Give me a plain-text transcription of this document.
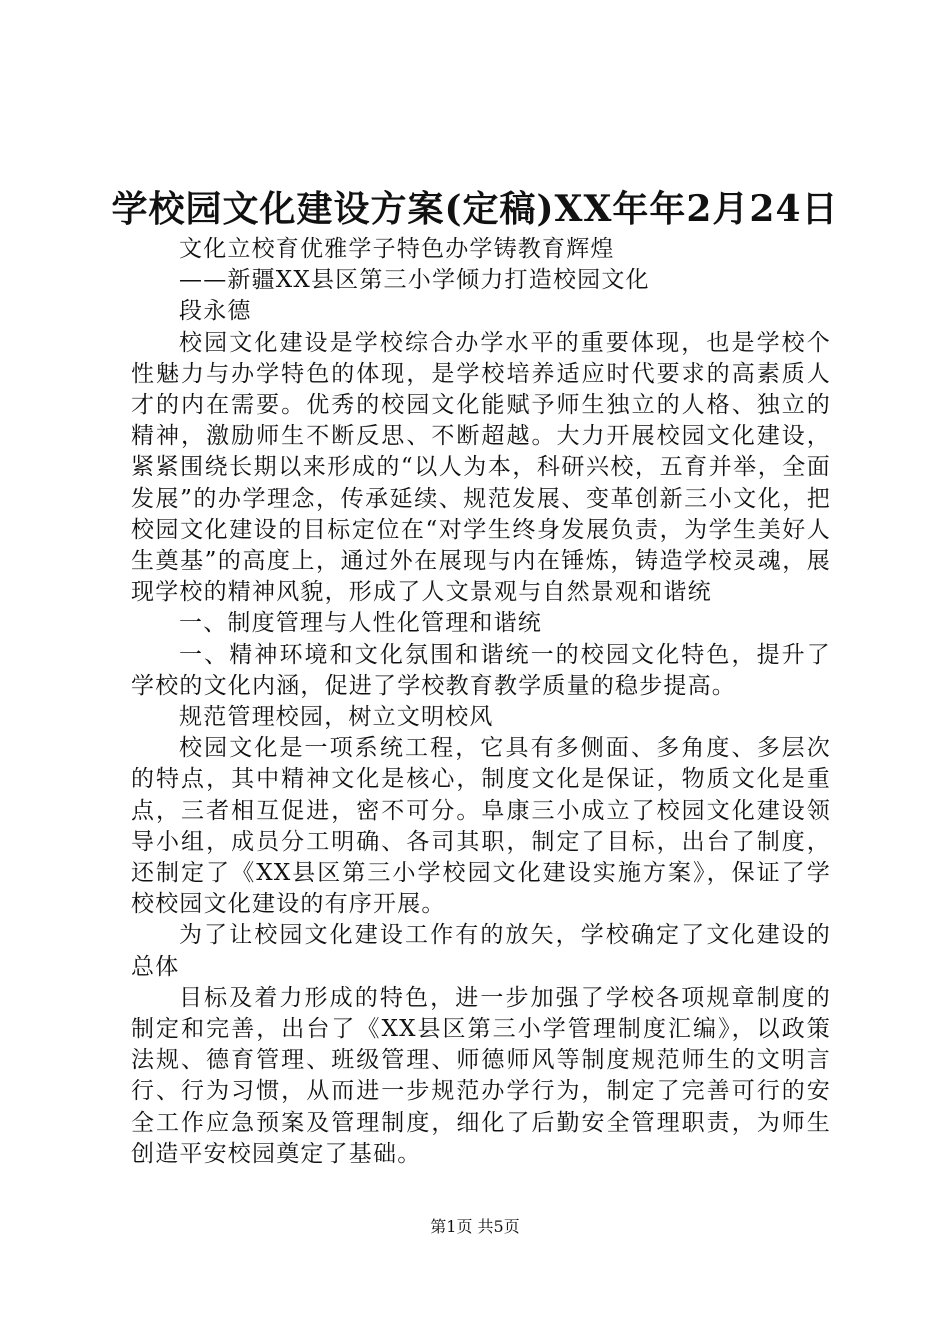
学校园文化建设方案(定稿)XX年年2月24日

文化立校育优雅学子特色办学铸教育辉煌

——新疆XX县区第三小学倾力打造校园文化

段永德

校园文化建设是学校综合办学水平的重要体现，也是学校个性魅力与办学特色的体现，是学校培养适应时代要求的高素质人才的内在需要。优秀的校园文化能赋予师生独立的人格、独立的精神，激励师生不断反思、不断超越。大力开展校园文化建设，紧紧围绕长期以来形成的“以人为本，科研兴校，五育并举，全面发展”的办学理念，传承延续、规范发展、变革创新三小文化，把校园文化建设的目标定位在“对学生终身发展负责，为学生美好人生奠基”的高度上，通过外在展现与内在锤炼，铸造学校灵魂，展现学校的精神风貌，形成了人文景观与自然景观和谐统

一、制度管理与人性化管理和谐统

一、精神环境和文化氛围和谐统一的校园文化特色，提升了学校的文化内涵，促进了学校教育教学质量的稳步提高。

规范管理校园，树立文明校风

校园文化是一项系统工程，它具有多侧面、多角度、多层次的特点，其中精神文化是核心，制度文化是保证，物质文化是重点，三者相互促进，密不可分。阜康三小成立了校园文化建设领导小组，成员分工明确、各司其职，制定了目标，出台了制度，还制定了《XX县区第三小学校园文化建设实施方案》，保证了学校校园文化建设的有序开展。

为了让校园文化建设工作有的放矢，学校确定了文化建设的总体

目标及着力形成的特色，进一步加强了学校各项规章制度的制定和完善，出台了《XX县区第三小学管理制度汇编》，以政策法规、德育管理、班级管理、师德师风等制度规范师生的文明言行、行为习惯，从而进一步规范办学行为，制定了完善可行的安全工作应急预案及管理制度，细化了后勤安全管理职责，为师生创造平安校园奠定了基础。

第1页 共5页
